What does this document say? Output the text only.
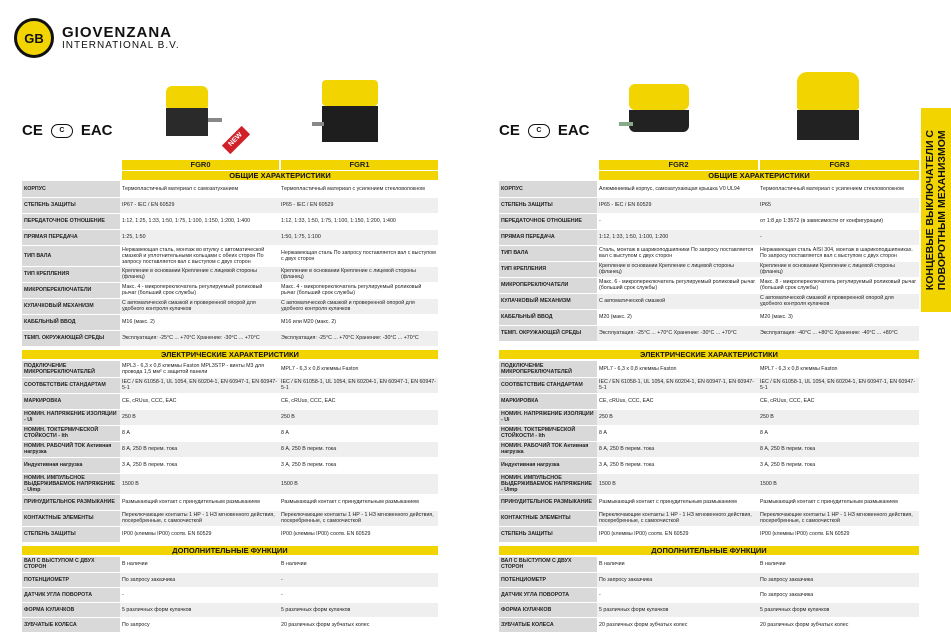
GB	GIOVENZANA
INTERNATIONAL B.V.
КОНЦЕВЫЕ ВЫКЛЮЧАТЕЛИ С
ПОВОРОТНЫМ МЕХАНИЗМОМ
CE	C	EAC
NEW
FGR0	FGR1
ОБЩИЕ ХАРАКТЕРИСТИКИ
КОРПУС	Термопластичный материал с самозатуханием	Термопластичный материал с усилением стекловолокном
СТЕПЕНЬ ЗАЩИТЫ	IP67 - IEC / EN 60529	IP65 - IEC / EN 60529
ПЕРЕДАТОЧНОЕ ОТНОШЕНИЕ	1:12, 1:25, 1:33, 1:50, 1:75, 1:100, 1:150, 1:200, 1:400	1:12, 1:33, 1:50, 1:75, 1:100, 1:150, 1:200, 1:400
ПРЯМАЯ ПЕРЕДАЧА	1:25, 1:50	1:50, 1:75, 1:100
ТИП ВАЛА	Нержавеющая сталь, монтаж во втулку с автоматической смазкой и уплотнительными кольцами с обеих сторон По запросу поставляется вал с выступом с двух сторон	Нержавеющая сталь По запросу поставляется вал с выступом с двух сторон
ТИП КРЕПЛЕНИЯ	Крепление в основании Крепление с лицевой стороны (фланец)	Крепление в основании Крепление с лицевой стороны (фланец)
МИКРОПЕРЕКЛЮЧАТЕЛИ	Макс. 4 - микропереключатель регулируемый роликовый рычаг (больший срок службы)	Макс. 4 - микропереключатель регулируемый роликовый рычаг (больший срок службы)
КУЛАЧКОВЫЙ МЕХАНИЗМ	С автоматической смазкой и проверенной опорой для удобного контроля кулачков	С автоматической смазкой и проверенной опорой для удобного контроля кулачков
КАБЕЛЬНЫЙ ВВОД	M16 (макс. 2)	M16 или M20 (макс. 2)
ТЕМП. ОКРУЖАЮЩЕЙ СРЕДЫ	Эксплуатация: -25°C ... +70°C Хранение: -30°C ... +70°C	Эксплуатация: -25°C ... +70°C Хранение: -30°C ... +70°C
ЭЛЕКТРИЧЕСКИЕ ХАРАКТЕРИСТИКИ
ПОДКЛЮЧЕНИЕ МИКРОПЕРЕКЛЮЧАТЕЛЕЙ	MPL3 - 6,3 x 0,8 клеммы Faston MPL3STP - винты M3 для провода 1,5 мм² с защитой панели	MPL7 - 6,3 x 0,8 клеммы Faston
СООТВЕТСТВИЕ СТАНДАРТАМ	IEC / EN 61058-1, UL 1054, EN 60204-1, EN 60947-1, EN 60947-5-1	IEC / EN 61058-1, UL 1054, EN 60204-1, EN 60947-1, EN 60947-5-1
МАРКИРОВКА	CE, cRUus, CCC, EAC	CE, cRUus, CCC, EAC
НОМИН. НАПРЯЖЕНИЕ ИЗОЛЯЦИИ - Ui	250 В	250 В
НОМИН. ТОКТЕРМИЧЕСКОЙ СТОЙКОСТИ - Ith	8 А	8 А
НОМИН. РАБОЧИЙ ТОК Активная нагрузка	8 А, 250 В перем. тока	8 А, 250 В перем. тока
Индуктивная нагрузка	3 А, 250 В перем. тока	3 А, 250 В перем. тока
НОМИН. ИМПУЛЬСНОЕ ВЫДЕРЖИВАЕМОЕ НАПРЯЖЕНИЕ - Uimp	1500 В	1500 В
ПРИНУДИТЕЛЬНОЕ РАЗМЫКАНИЕ	Размыкающий контакт с принудительным размыканием	Размыкающий контакт с принудительным размыканием
КОНТАКТНЫЕ ЭЛЕМЕНТЫ	Переключающие контакты 1 НР - 1 НЗ мгновенного действия, посеребренные, с самоочисткой	Переключающие контакты 1 НР - 1 НЗ мгновенного действия, посеребренные, с самоочисткой
СТЕПЕНЬ ЗАЩИТЫ	IP00 (клеммы IP00) соотв. EN 60529	IP00 (клеммы IP00) соотв. EN 60529
ДОПОЛНИТЕЛЬНЫЕ ФУНКЦИИ
ВАЛ С ВЫСТУПОМ С ДВУХ СТОРОН	В наличии	В наличии
ПОТЕНЦИОМЕТР	По запросу заказчика	-
ДАТЧИК УГЛА ПОВОРОТА	-	-
ФОРМА КУЛАЧКОВ	5 различных форм кулачков	5 различных форм кулачков
ЗУБЧАТЫЕ КОЛЕСА	По запросу	20 различных форм зубчатых колес
CE	C	EAC
FGR2	FGR3
ОБЩИЕ ХАРАКТЕРИСТИКИ
КОРПУС	Алюминиевый корпус, самозатухающая крышка V0 UL94	Термопластичный материал с усилением стекловолокном
СТЕПЕНЬ ЗАЩИТЫ	IP65 - IEC / EN 60529	IP65
ПЕРЕДАТОЧНОЕ ОТНОШЕНИЕ	-	от 1:8 до 1:3572 (в зависимости от конфигурации)
ПРЯМАЯ ПЕРЕДАЧА	1:12, 1:33, 1:50, 1:100, 1:200	-
ТИП ВАЛА	Сталь, монтаж в шарикоподшипники По запросу поставляется вал с выступом с двух сторон	Нержавеющая сталь AISI 304, монтаж в шарикоподшипниках. По запросу поставляется вал с выступом с двух сторон
ТИП КРЕПЛЕНИЯ	Крепление в основании Крепление с лицевой стороны (фланец)	Крепление в основании Крепление с лицевой стороны (фланец)
МИКРОПЕРЕКЛЮЧАТЕЛИ	Макс. 6 - микропереключатель регулируемый роликовый рычаг (больший срок службы)	Макс. 8 - микропереключатель регулируемый роликовый рычаг (больший срок службы)
КУЛАЧКОВЫЙ МЕХАНИЗМ	С автоматической смазкой	С автоматической смазкой и проверенной опорой для удобного контроля кулачков
КАБЕЛЬНЫЙ ВВОД	M20 (макс. 2)	M20 (макс. 3)
ТЕМП. ОКРУЖАЮЩЕЙ СРЕДЫ	Эксплуатация: -25°C ... +70°C Хранение: -30°C ... +70°C	Эксплуатация: -40°C ... +80°C Хранение: -40°C ... +80°C
ЭЛЕКТРИЧЕСКИЕ ХАРАКТЕРИСТИКИ
ПОДКЛЮЧЕНИЕ МИКРОПЕРЕКЛЮЧАТЕЛЕЙ	MPL7 - 6,3 x 0,8 клеммы Faston	MPL7 - 6,3 x 0,8 клеммы Faston
СООТВЕТСТВИЕ СТАНДАРТАМ	IEC / EN 61058-1, UL 1054, EN 60204-1, EN 60947-1, EN 60947-5-1	IEC / EN 61058-1, UL 1054, EN 60204-1, EN 60947-1, EN 60947-5-1
МАРКИРОВКА	CE, cRUus, CCC, EAC	CE, cRUus, CCC, EAC
НОМИН. НАПРЯЖЕНИЕ ИЗОЛЯЦИИ - Ui	250 В	250 В
НОМИН. ТОКТЕРМИЧЕСКОЙ СТОЙКОСТИ - Ith	8 А	8 А
НОМИН. РАБОЧИЙ ТОК Активная нагрузка	8 А, 250 В перем. тока	8 А, 250 В перем. тока
Индуктивная нагрузка	3 А, 250 В перем. тока	3 А, 250 В перем. тока
НОМИН. ИМПУЛЬСНОЕ ВЫДЕРЖИВАЕМОЕ НАПРЯЖЕНИЕ - Uimp	1500 В	1500 В
ПРИНУДИТЕЛЬНОЕ РАЗМЫКАНИЕ	Размыкающий контакт с принудительным размыканием	Размыкающий контакт с принудительным размыканием
КОНТАКТНЫЕ ЭЛЕМЕНТЫ	Переключающие контакты 1 НР - 1 НЗ мгновенного действия, посеребренные, с самоочисткой	Переключающие контакты 1 НР - 1 НЗ мгновенного действия, посеребренные, с самоочисткой
СТЕПЕНЬ ЗАЩИТЫ	IP00 (клеммы IP00) соотв. EN 60529	IP00 (клеммы IP00) соотв. EN 60529
ДОПОЛНИТЕЛЬНЫЕ ФУНКЦИИ
ВАЛ С ВЫСТУПОМ С ДВУХ СТОРОН	В наличии	В наличии
ПОТЕНЦИОМЕТР	По запросу заказчика	По запросу заказчика
ДАТЧИК УГЛА ПОВОРОТА	-	По запросу заказчика
ФОРМА КУЛАЧКОВ	5 различных форм кулачков	5 различных форм кулачков
ЗУБЧАТЫЕ КОЛЕСА	20 различных форм зубчатых колес	20 различных форм зубчатых колес
